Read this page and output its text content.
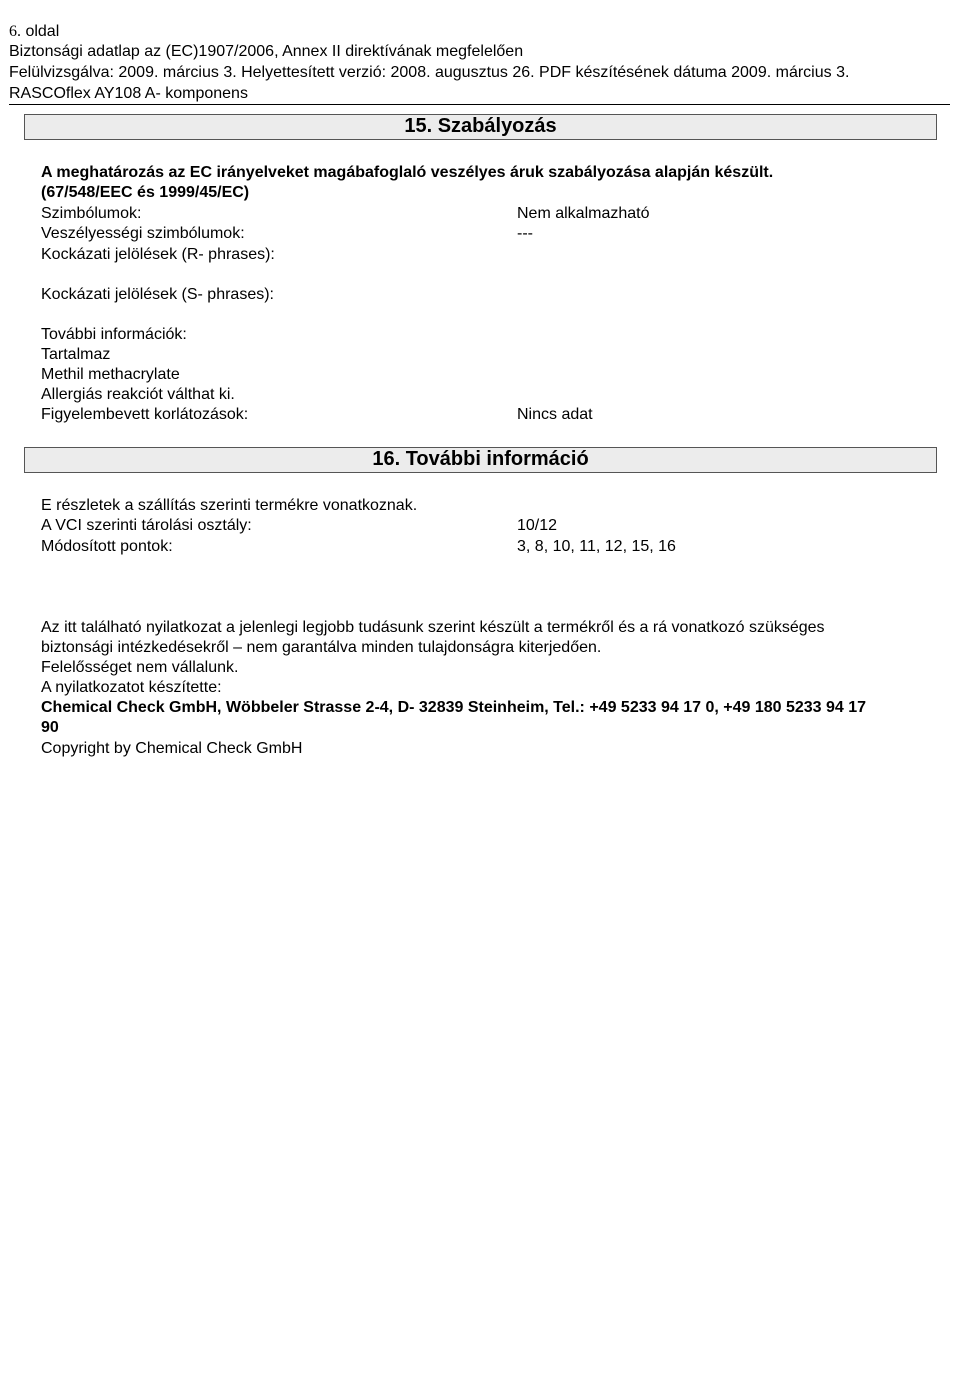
6. oldal
Biztonsági adatlap az (EC)1907/2006, Annex II direktívának megfelelően
Felülvizsgálva: 2009. március 3. Helyettesített verzió: 2008. augusztus 26. PDF készítésének dátuma 2009. március 3.
RASCOflex AY108 A- komponens
15. Szabályozás
A meghatározás az EC irányelveket magábafoglaló veszélyes áruk szabályozása alapján készült.
(67/548/EEC és 1999/45/EC)
Szimbólumok:	Nem alkalmazható
Veszélyességi szimbólumok:	---
Kockázati jelölések (R- phrases):
Kockázati jelölések (S- phrases):
További információk:
Tartalmaz
Methil methacrylate
Allergiás reakciót válthat ki.
Figyelembevett korlátozások:	Nincs adat
16. További információ
E részletek a szállítás szerinti termékre vonatkoznak.
A VCI szerinti tárolási osztály:	10/12
Módosított pontok:	3, 8, 10, 11, 12, 15, 16
Az itt található nyilatkozat a jelenlegi legjobb tudásunk szerint készült a termékről és a rá vonatkozó szükséges
biztonsági intézkedésekről – nem garantálva minden tulajdonságra kiterjedően.
Felelősséget nem vállalunk.
A nyilatkozatot készítette:
Chemical Check GmbH, Wöbbeler Strasse 2-4, D- 32839 Steinheim, Tel.: +49 5233 94 17 0, +49 180 5233 94 17
90
Copyright by Chemical Check GmbH
